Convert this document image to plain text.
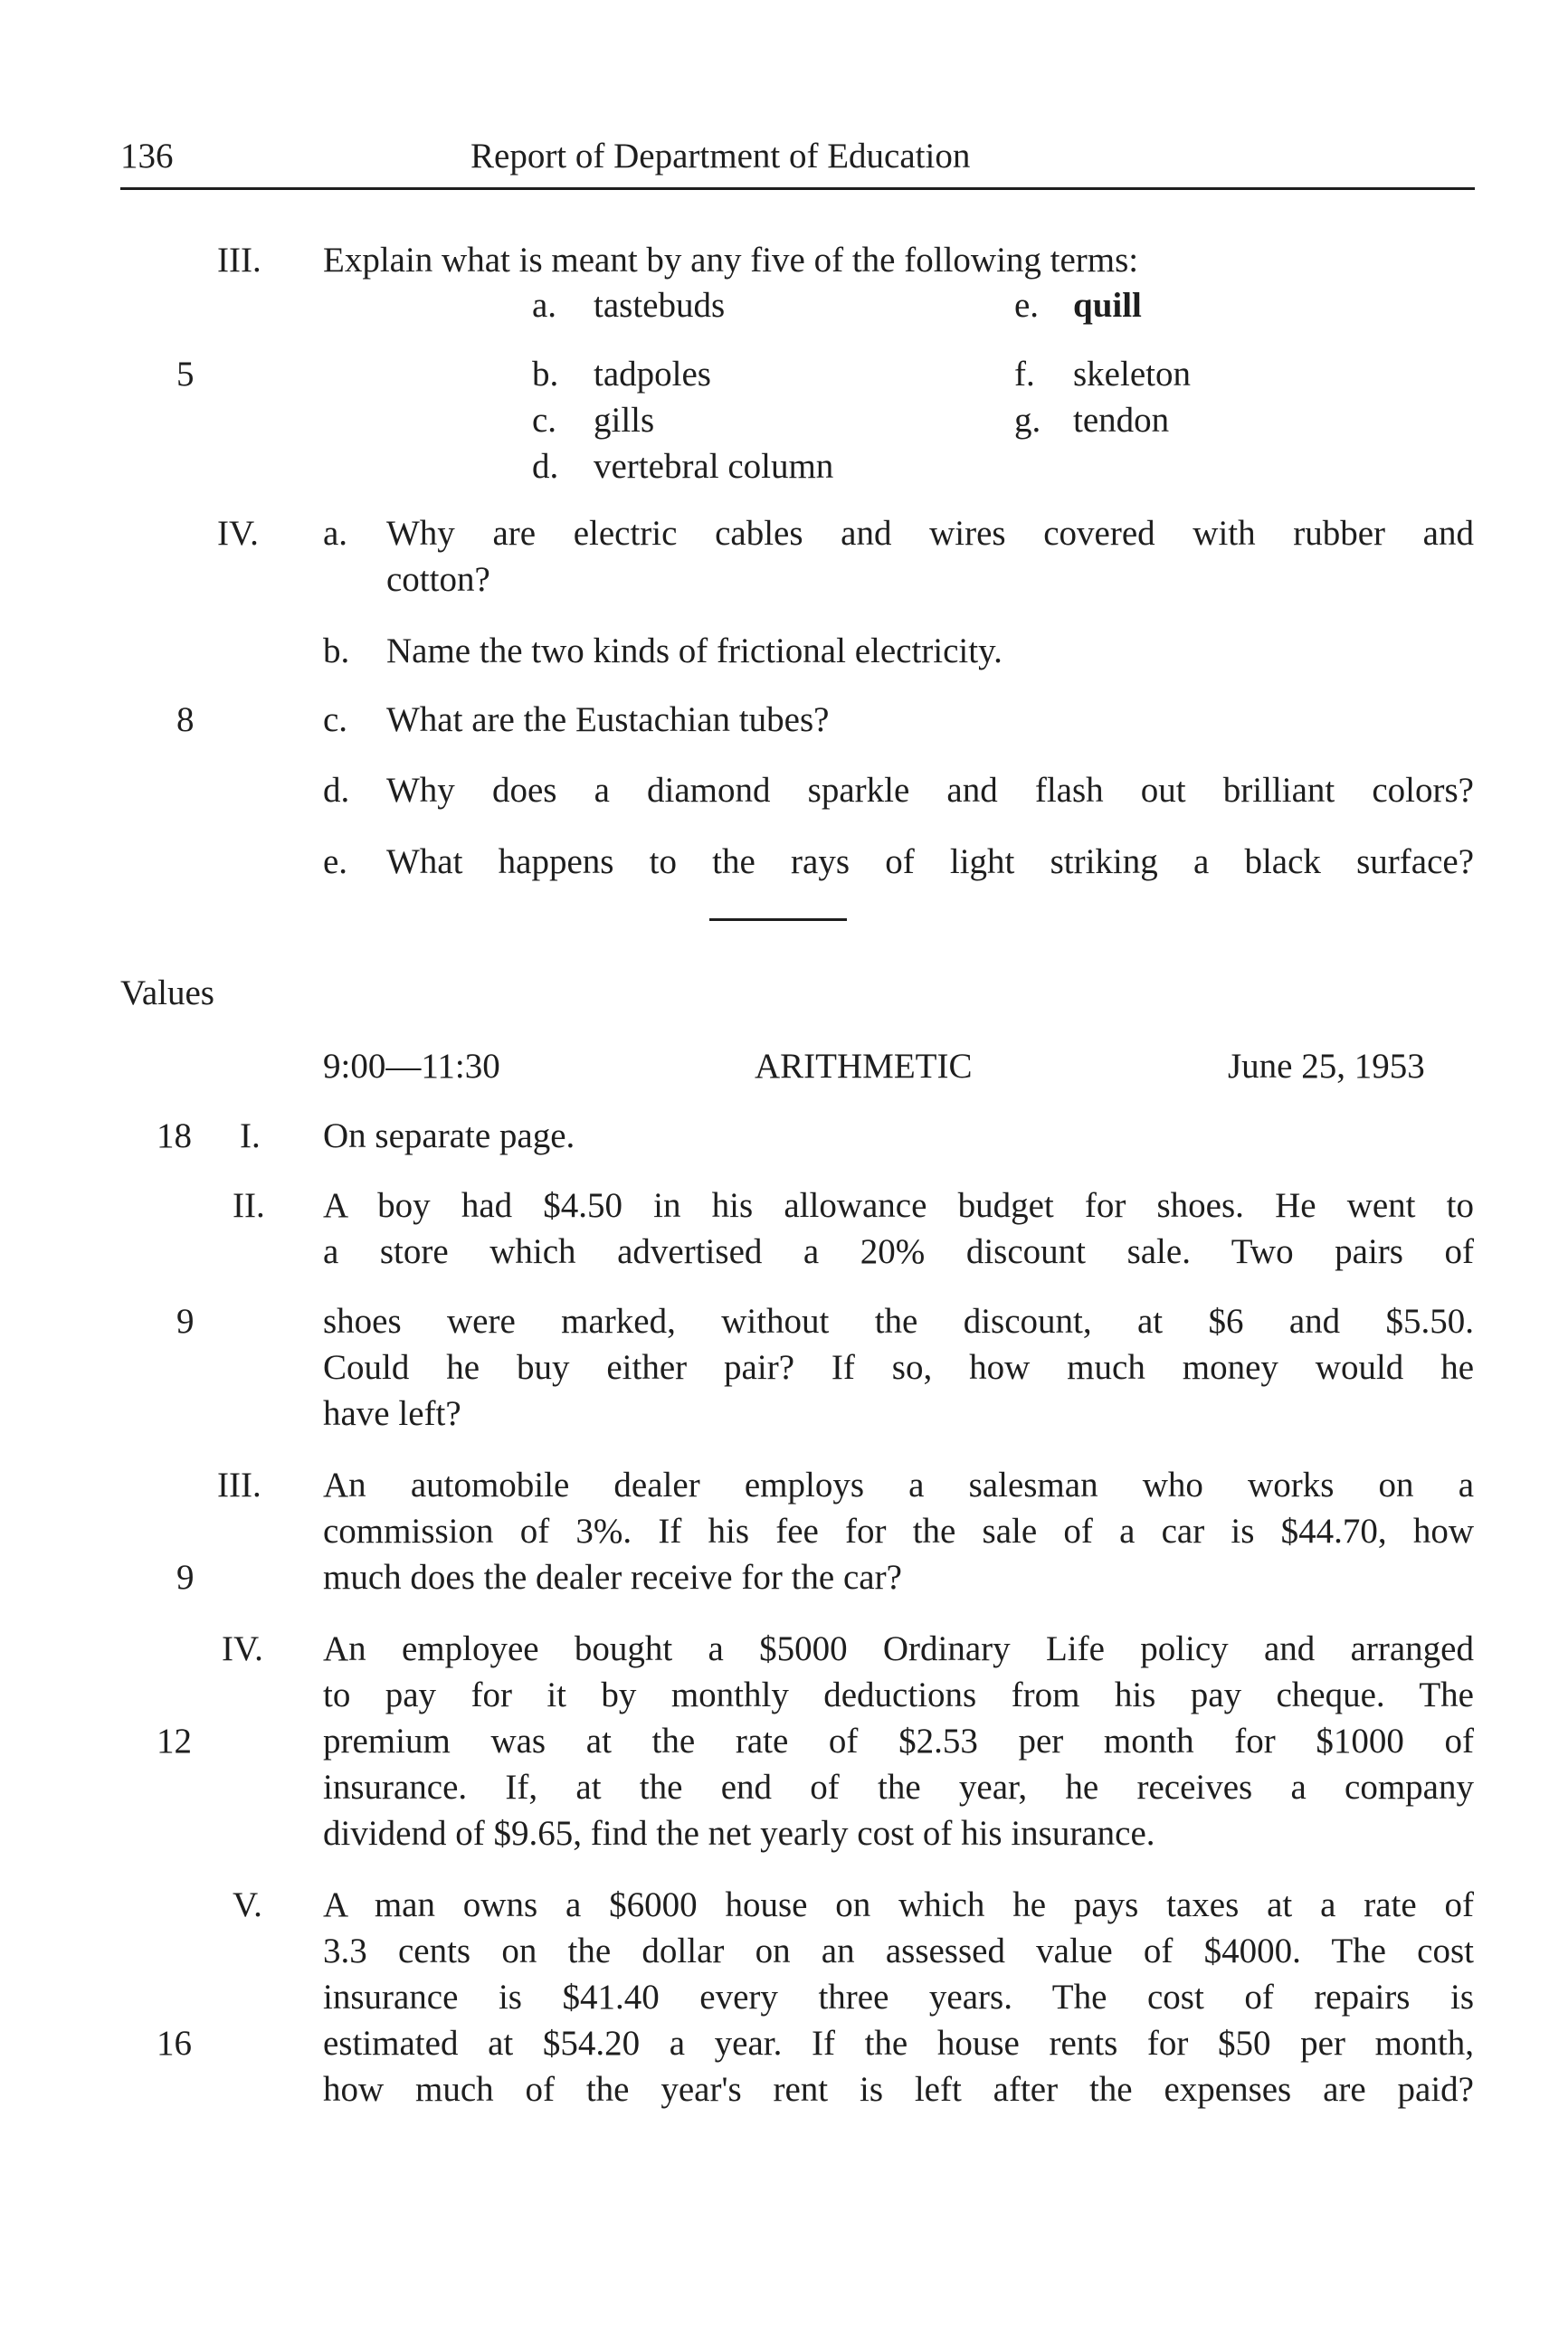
136	Report of Department of Education
III. Explain what is meant by any five of the following terms:
5
a. tastebuds
b. tadpoles
c. gills
d. vertebral column
e. quill
f. skeleton
g. tendon
IV.
8
a. Why are electric cables and wires covered with rubber and
cotton?
b. Name the two kinds of frictional electricity.
c. What are the Eustachian tubes?
d. Why does a diamond sparkle and flash out brilliant colors?
e. What happens to the rays of light striking a black surface?
Values
9:00—11:30	ARITHMETIC	June 25, 1953
18 I. On separate page.
II.
9
A boy had $4.50 in his allowance budget for shoes. He went to
a store which advertised a 20% discount sale. Two pairs of
shoes were marked, without the discount, at $6 and $5.50.
Could he buy either pair? If so, how much money would he
have left?
III.
9
An automobile dealer employs a salesman who works on a
commission of 3%. If his fee for the sale of a car is $44.70, how
much does the dealer receive for the car?
IV.
12
An employee bought a $5000 Ordinary Life policy and arranged
to pay for it by monthly deductions from his pay cheque. The
premium was at the rate of $2.53 per month for $1000 of
insurance. If, at the end of the year, he receives a company
dividend of $9.65, find the net yearly cost of his insurance.
V.
16
A man owns a $6000 house on which he pays taxes at a rate of
3.3 cents on the dollar on an assessed value of $4000. The cost
insurance is $41.40 every three years. The cost of repairs is
estimated at $54.20 a year. If the house rents for $50 per month,
how much of the year's rent is left after the expenses are paid?
